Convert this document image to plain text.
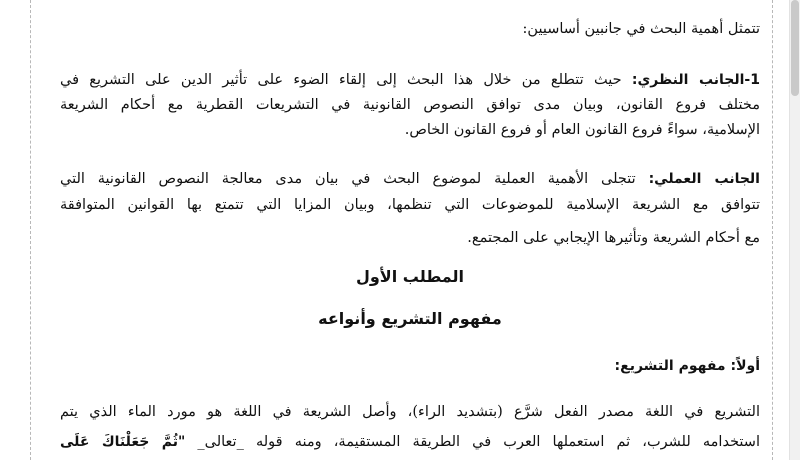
تتمثل أهمية البحث في جانبين أساسيين:
1-الجانب النظري: حيث تتطلع من خلال هذا البحث إلى إلقاء الضوء على تأثير الدين على التشريع في
مختلف فروع القانون، وبيان مدى توافق النصوص القانونية في التشريعات القطرية مع أحكام الشريعة
الإسلامية، سواءً فروع القانون العام أو فروع القانون الخاص.
الجانب العملي: تتجلى الأهمية العملية لموضوع البحث في بيان مدى معالجة النصوص القانونية التي
تتوافق مع الشريعة الإسلامية للموضوعات التي تنظمها، وبيان المزايا التي تتمتع بها القوانين المتوافقة
مع أحكام الشريعة وتأثيرها الإيجابي على المجتمع.
المطلب الأول
مفهوم التشريع وأنواعه
أولاً: مفهوم التشريع:
التشريع في اللغة مصدر الفعل شرَّع (بتشديد الراء)، وأصل الشريعة في اللغة هو مورد الماء الذي يتم
استخدامه للشرب، ثم استعملها العرب في الطريقة المستقيمة، ومنه قوله _تعالى_ "ثُمَّ جَعَلْنَاكَ عَلَى
